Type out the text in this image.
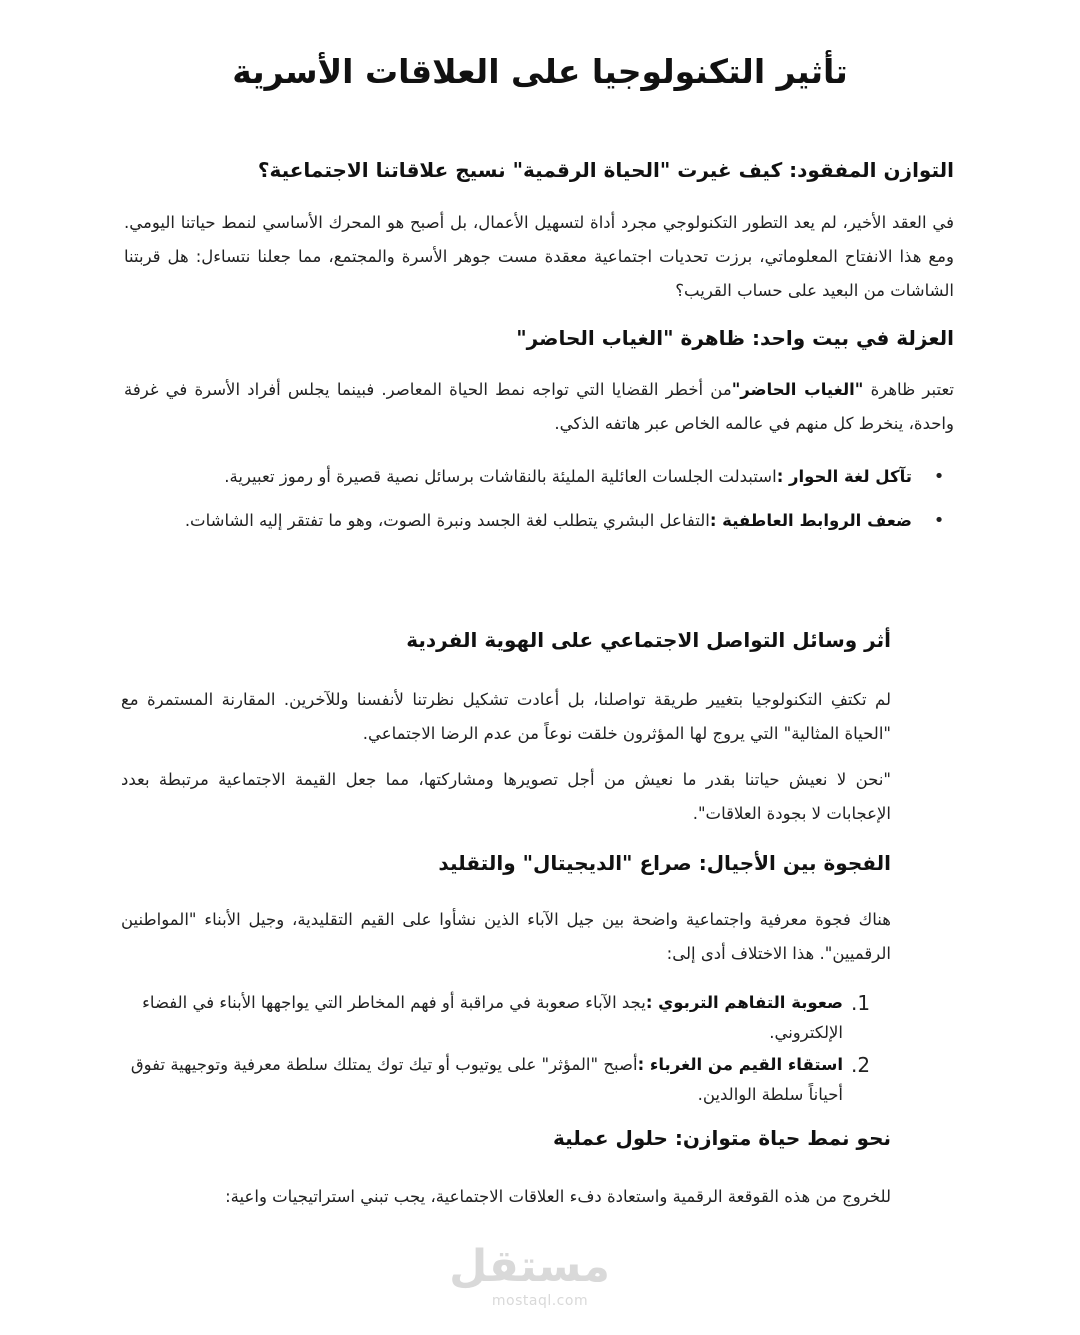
تأثير التكنولوجيا على العلاقات الأسرية
التوازن المفقود: كيف غيرت "الحياة الرقمية" نسيج علاقاتنا الاجتماعية؟

في العقد الأخير، لم يعد التطور التكنولوجي مجرد أداة لتسهيل الأعمال، بل أصبح هو المحرك الأساسي لنمط حياتنا اليومي. ومع هذا الانفتاح المعلوماتي، برزت تحديات اجتماعية معقدة مست جوهر الأسرة والمجتمع، مما جعلنا نتساءل: هل قربتنا الشاشات من البعيد على حساب القريب؟

العزلة في بيت واحد: ظاهرة "الغياب الحاضر"

تعتبر ظاهرة "الغياب الحاضر"من أخطر القضايا التي تواجه نمط الحياة المعاصر. فبينما يجلس أفراد الأسرة في غرفة واحدة، ينخرط كل منهم في عالمه الخاص عبر هاتفه الذكي.

•
تآكل لغة الحوار :استبدلت الجلسات العائلية المليئة بالنقاشات برسائل نصية قصيرة أو رموز تعبيرية.
•
ضعف الروابط العاطفية :التفاعل البشري يتطلب لغة الجسد ونبرة الصوت، وهو ما تفتقر إليه الشاشات.
أثر وسائل التواصل الاجتماعي على الهوية الفردية

لم تكتفِ التكنولوجيا بتغيير طريقة تواصلنا، بل أعادت تشكيل نظرتنا لأنفسنا وللآخرين. المقارنة المستمرة مع "الحياة المثالية" التي يروج لها المؤثرون خلقت نوعاً من عدم الرضا الاجتماعي.

"نحن لا نعيش حياتنا بقدر ما نعيش من أجل تصويرها ومشاركتها، مما جعل القيمة الاجتماعية مرتبطة بعدد الإعجابات لا بجودة العلاقات".

الفجوة بين الأجيال: صراع "الديجيتال" والتقليد

هناك فجوة معرفية واجتماعية واضحة بين جيل الآباء الذين نشأوا على القيم التقليدية، وجيل الأبناء "المواطنين الرقميين". هذا الاختلاف أدى إلى:

1.
صعوبة التفاهم التربوي :يجد الآباء صعوبة في مراقبة أو فهم المخاطر التي يواجهها الأبناء في الفضاء الإلكتروني.
2.
استقاء القيم من الغرباء :أصبح "المؤثر" على يوتيوب أو تيك توك يمتلك سلطة معرفية وتوجيهية تفوق أحياناً سلطة الوالدين.
نحو نمط حياة متوازن: حلول عملية

للخروج من هذه القوقعة الرقمية واستعادة دفء العلاقات الاجتماعية، يجب تبني استراتيجيات واعية:

مستقل
mostaql.com
